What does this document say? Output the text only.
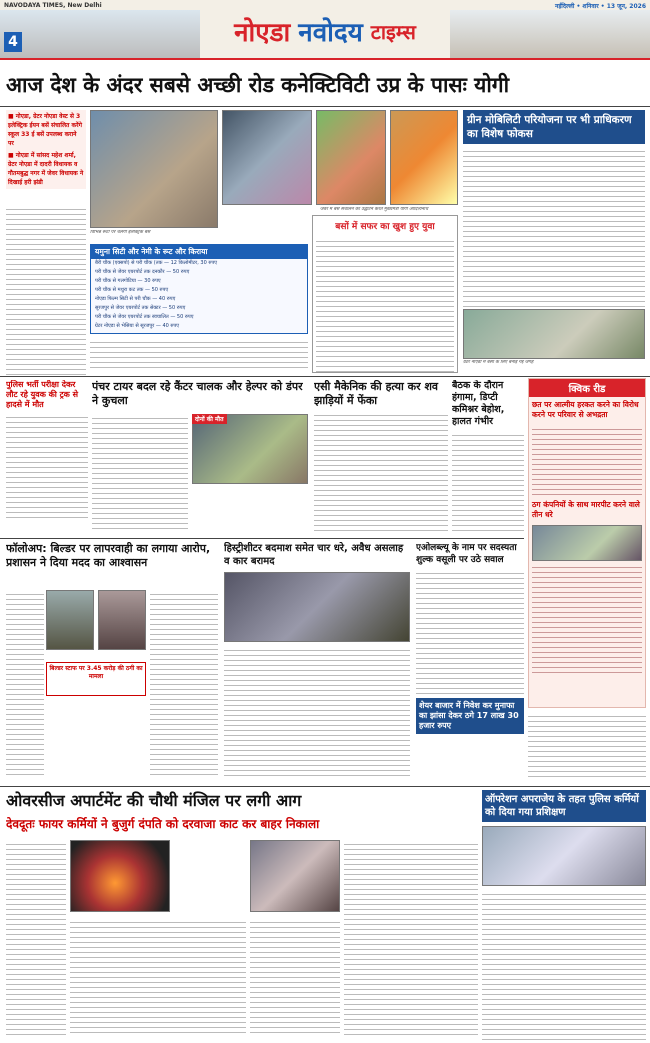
NAVODAYA TIMES, New Delhi
4	नोएडा नवोदय टाइम्स
नईदिल्ली • शनिवार • 13 जून, 2026
आज देश के अंदर सबसे अच्छी रोड कनेक्टिविटी उप्र के पासः योगी
■ नोएडा, ग्रेटर नोएडा वेस्ट से 3 इलेक्ट्रिक ईयन बसें संचालित करेंगे स्कूल 33 ई बसें उपलब्ध कराने पर
■ नोएडा में सांसद महेश शर्मा, ग्रेटर नोएडा में दादरी विधायक व गौतमबुद्ध नगर में जेवर विधायक ने दिखाई हरी झंडी
विभिन्न रूटों पर चलेंगी इलेक्ट्रिक बसें
जेवर में बस संचालन का उद्घाटन करते मुख्यमंत्री योगी आदित्यनाथ
यमुना सिटी और नेमी के रूट और किराया
बैरी चौक (एक्सपो) से परी चौक (तक — 12 किलोमीटर, 30 रुपए
परी चौक से जेवर एयरपोर्ट तक दनकौर — 50 रुपए
परी चौक से गलगोटिया — 30 रुपए
परी चौक से मथुरा कट तक — 50 रुपए
नोएडा फिल्म सिटी से परी चौक — 40 रुपए
सूरजपुर से जेवर एयरपोर्ट तक सेक्टर — 50 रुपए
परी चौक से जेवर एयरपोर्ट तक स्वचालित — 50 रुपए
ग्रेटर नोएडा से भेसिया से सूरजपुर — 40 रुपए
बसों में सफर का खुश हुए युवा
ग्रीन मोबिलिटी परियोजना पर भी प्राधिकरण का विशेष फोकस
ग्रेटर नोएडा में बसों के लिए बनाई गई जगह
पुलिस भर्ती परीक्षा देकर लौट रहे युवक की ट्रक से हादसे में मौत
पंचर टायर बदल रहे कैंटर चालक और हेल्पर को डंपर ने कुचला
दोनों की मौत
एसी मैकेनिक की हत्या कर शव झाड़ियों में फेंका
बैठक के दौरान हंगामा, डिप्टी कमिश्नर बेहोश, हालत गंभीर
क्विक रीड
छत पर आत्मीय हरकत करने का विरोध करने पर परिवार से अभद्रता
ठग कंपनियों के साथ मारपीट करने वाले तीन धरे
फॉलोअप: बिल्डर पर लापरवाही का लगाया आरोप, प्रशासन ने दिया मदद का आश्वासन
बिल्डर स्टाफ पर 3.45 करोड़ की ठगी का मामला
हिस्ट्रीशीटर बदमाश समेत चार धरे, अवैध असलाह व कार बरामद
एओलब्ल्यू के नाम पर सदस्यता शुल्क वसूली पर उठे सवाल
शेयर बाजार में निवेश कर मुनाफा का झांसा देकर ठगे 17 लाख 30 हजार रुपए
ओवरसीज अपार्टमेंट की चौथी मंजिल पर लगी आग
देवदूतः फायर कर्मियों ने बुजुर्ग दंपति को दरवाजा काट कर बाहर निकाला
ऑपरेशन अपराजेय के तहत पुलिस कर्मियों को दिया गया प्रशिक्षण
